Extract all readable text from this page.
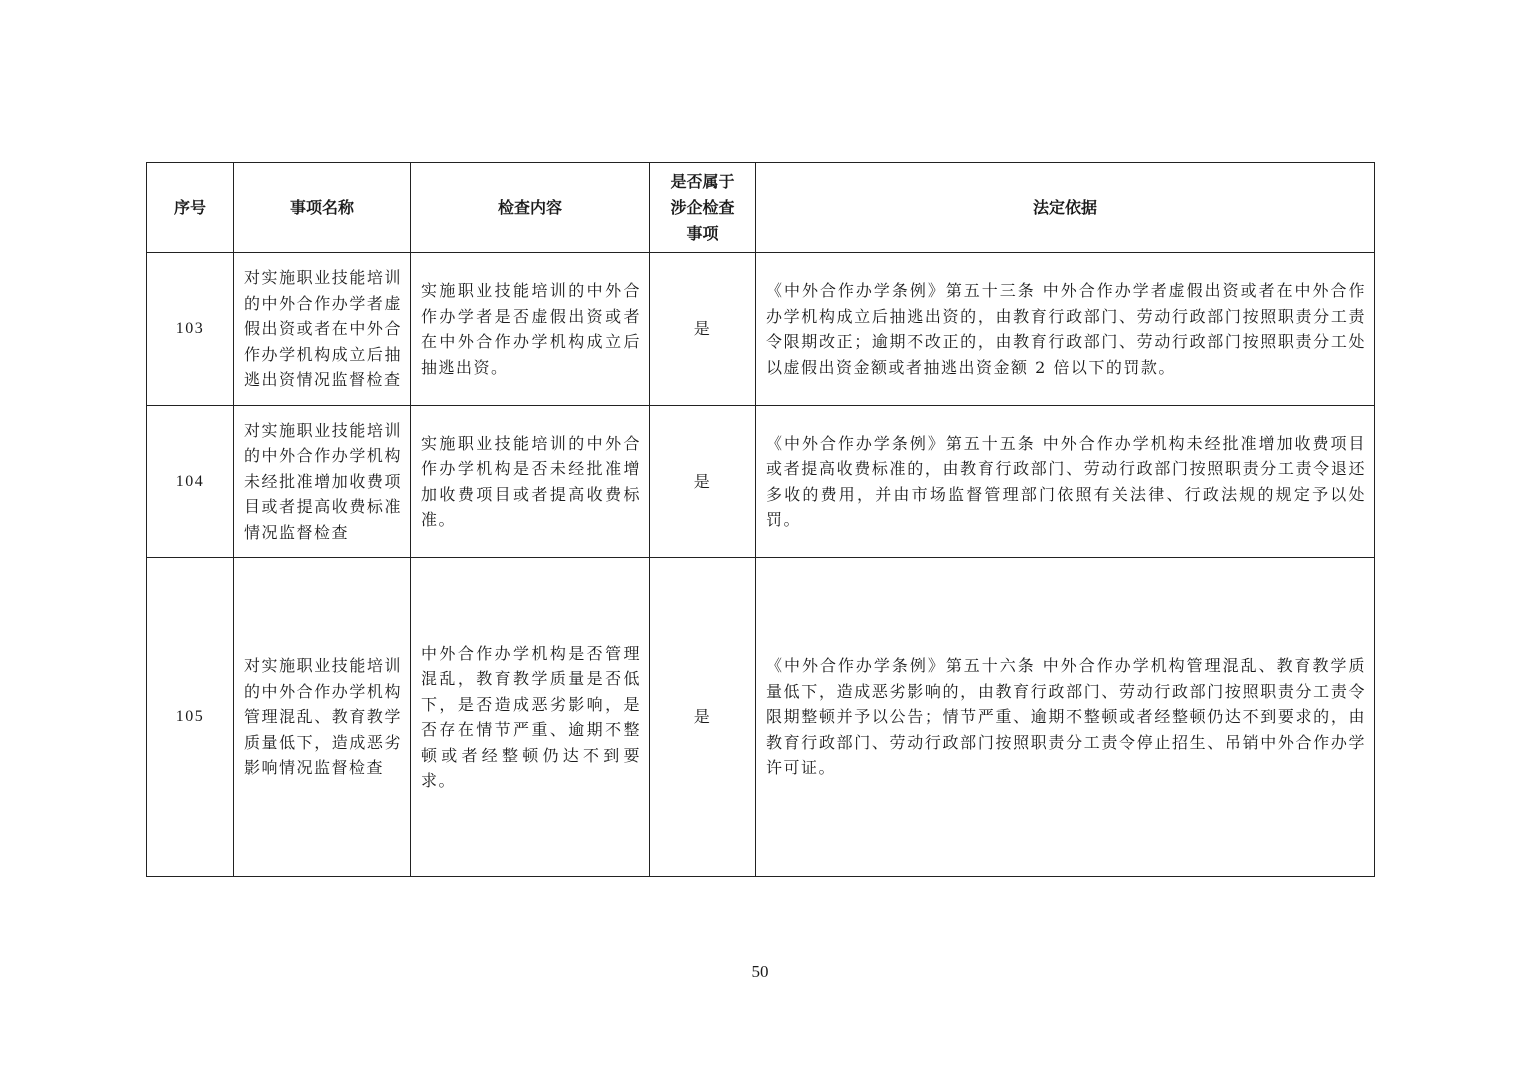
序号	事项名称	检查内容	是否属于涉企检查事项	法定依据
103	对实施职业技能培训的中外合作办学者虚假出资或者在中外合作办学机构成立后抽逃出资情况监督检查	实施职业技能培训的中外合作办学者是否虚假出资或者在中外合作办学机构成立后抽逃出资。	是	《中外合作办学条例》第五十三条 中外合作办学者虚假出资或者在中外合作办学机构成立后抽逃出资的，由教育行政部门、劳动行政部门按照职责分工责令限期改正；逾期不改正的，由教育行政部门、劳动行政部门按照职责分工处以虚假出资金额或者抽逃出资金额 2 倍以下的罚款。
104	对实施职业技能培训的中外合作办学机构未经批准增加收费项目或者提高收费标准情况监督检查	实施职业技能培训的中外合作办学机构是否未经批准增加收费项目或者提高收费标准。	是	《中外合作办学条例》第五十五条 中外合作办学机构未经批准增加收费项目或者提高收费标准的，由教育行政部门、劳动行政部门按照职责分工责令退还多收的费用，并由市场监督管理部门依照有关法律、行政法规的规定予以处罚。
105	对实施职业技能培训的中外合作办学机构管理混乱、教育教学质量低下，造成恶劣影响情况监督检查	中外合作办学机构是否管理混乱，教育教学质量是否低下，是否造成恶劣影响，是否存在情节严重、逾期不整顿或者经整顿仍达不到要求。	是	《中外合作办学条例》第五十六条 中外合作办学机构管理混乱、教育教学质量低下，造成恶劣影响的，由教育行政部门、劳动行政部门按照职责分工责令限期整顿并予以公告；情节严重、逾期不整顿或者经整顿仍达不到要求的，由教育行政部门、劳动行政部门按照职责分工责令停止招生、吊销中外合作办学许可证。
50
